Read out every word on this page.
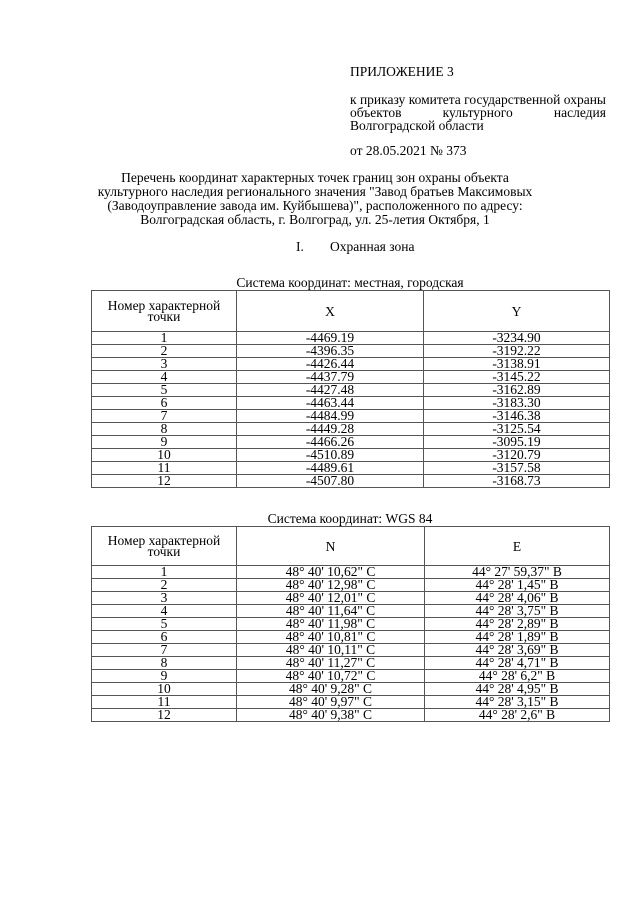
ПРИЛОЖЕНИЕ 3
к приказу комитета государственной охраны объектов культурного наследия Волгоградской области
от 28.05.2021 № 373
Перечень координат характерных точек границ зон охраны объекта культурного наследия регионального значения "Завод братьев Максимовых (Заводоуправление завода им. Куйбышева)", расположенного по адресу: Волгоградская область, г. Волгоград, ул. 25-летия Октября, 1
I. Охранная зона
Система координат: местная, городская
Номер характерной точки	X	Y
1	-4469.19	-3234.90
2	-4396.35	-3192.22
3	-4426.44	-3138.91
4	-4437.79	-3145.22
5	-4427.48	-3162.89
6	-4463.44	-3183.30
7	-4484.99	-3146.38
8	-4449.28	-3125.54
9	-4466.26	-3095.19
10	-4510.89	-3120.79
11	-4489.61	-3157.58
12	-4507.80	-3168.73
Система координат: WGS 84
Номер характерной точки	N	E
1	48° 40' 10,62" С	44° 27' 59,37" В
2	48° 40' 12,98" С	44° 28' 1,45" В
3	48° 40' 12,01" С	44° 28' 4,06" В
4	48° 40' 11,64" С	44° 28' 3,75" В
5	48° 40' 11,98" С	44° 28' 2,89" В
6	48° 40' 10,81" С	44° 28' 1,89" В
7	48° 40' 10,11" С	44° 28' 3,69" В
8	48° 40' 11,27" С	44° 28' 4,71" В
9	48° 40' 10,72" С	44° 28' 6,2" В
10	48° 40' 9,28" С	44° 28' 4,95" В
11	48° 40' 9,97" С	44° 28' 3,15" В
12	48° 40' 9,38" С	44° 28' 2,6" В
